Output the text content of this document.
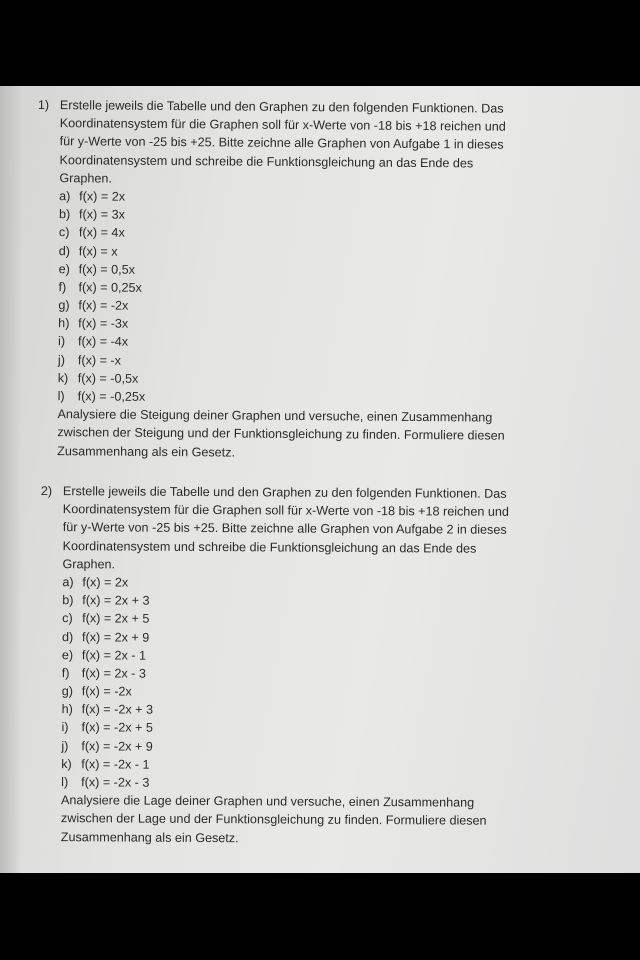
1) Erstelle jeweils die Tabelle und den Graphen zu den folgenden Funktionen. Das
Koordinatensystem für die Graphen soll für x-Werte von -18 bis +18 reichen und
für y-Werte von -25 bis +25. Bitte zeichne alle Graphen von Aufgabe 1 in dieses
Koordinatensystem und schreibe die Funktionsgleichung an das Ende des
Graphen.
a) f(x) = 2x
b) f(x) = 3x
c) f(x) = 4x
d) f(x) = x
e) f(x) = 0,5x
f) f(x) = 0,25x
g) f(x) = -2x
h) f(x) = -3x
i) f(x) = -4x
j) f(x) = -x
k) f(x) = -0,5x
l) f(x) = -0,25x
Analysiere die Steigung deiner Graphen und versuche, einen Zusammenhang
zwischen der Steigung und der Funktionsgleichung zu finden. Formuliere diesen
Zusammenhang als ein Gesetz.
2) Erstelle jeweils die Tabelle und den Graphen zu den folgenden Funktionen. Das
Koordinatensystem für die Graphen soll für x-Werte von -18 bis +18 reichen und
für y-Werte von -25 bis +25. Bitte zeichne alle Graphen von Aufgabe 2 in dieses
Koordinatensystem und schreibe die Funktionsgleichung an das Ende des
Graphen.
a) f(x) = 2x
b) f(x) = 2x + 3
c) f(x) = 2x + 5
d) f(x) = 2x + 9
e) f(x) = 2x - 1
f) f(x) = 2x - 3
g) f(x) = -2x
h) f(x) = -2x + 3
i) f(x) = -2x + 5
j) f(x) = -2x + 9
k) f(x) = -2x - 1
l) f(x) = -2x - 3
Analysiere die Lage deiner Graphen und versuche, einen Zusammenhang
zwischen der Lage und der Funktionsgleichung zu finden. Formuliere diesen
Zusammenhang als ein Gesetz.
